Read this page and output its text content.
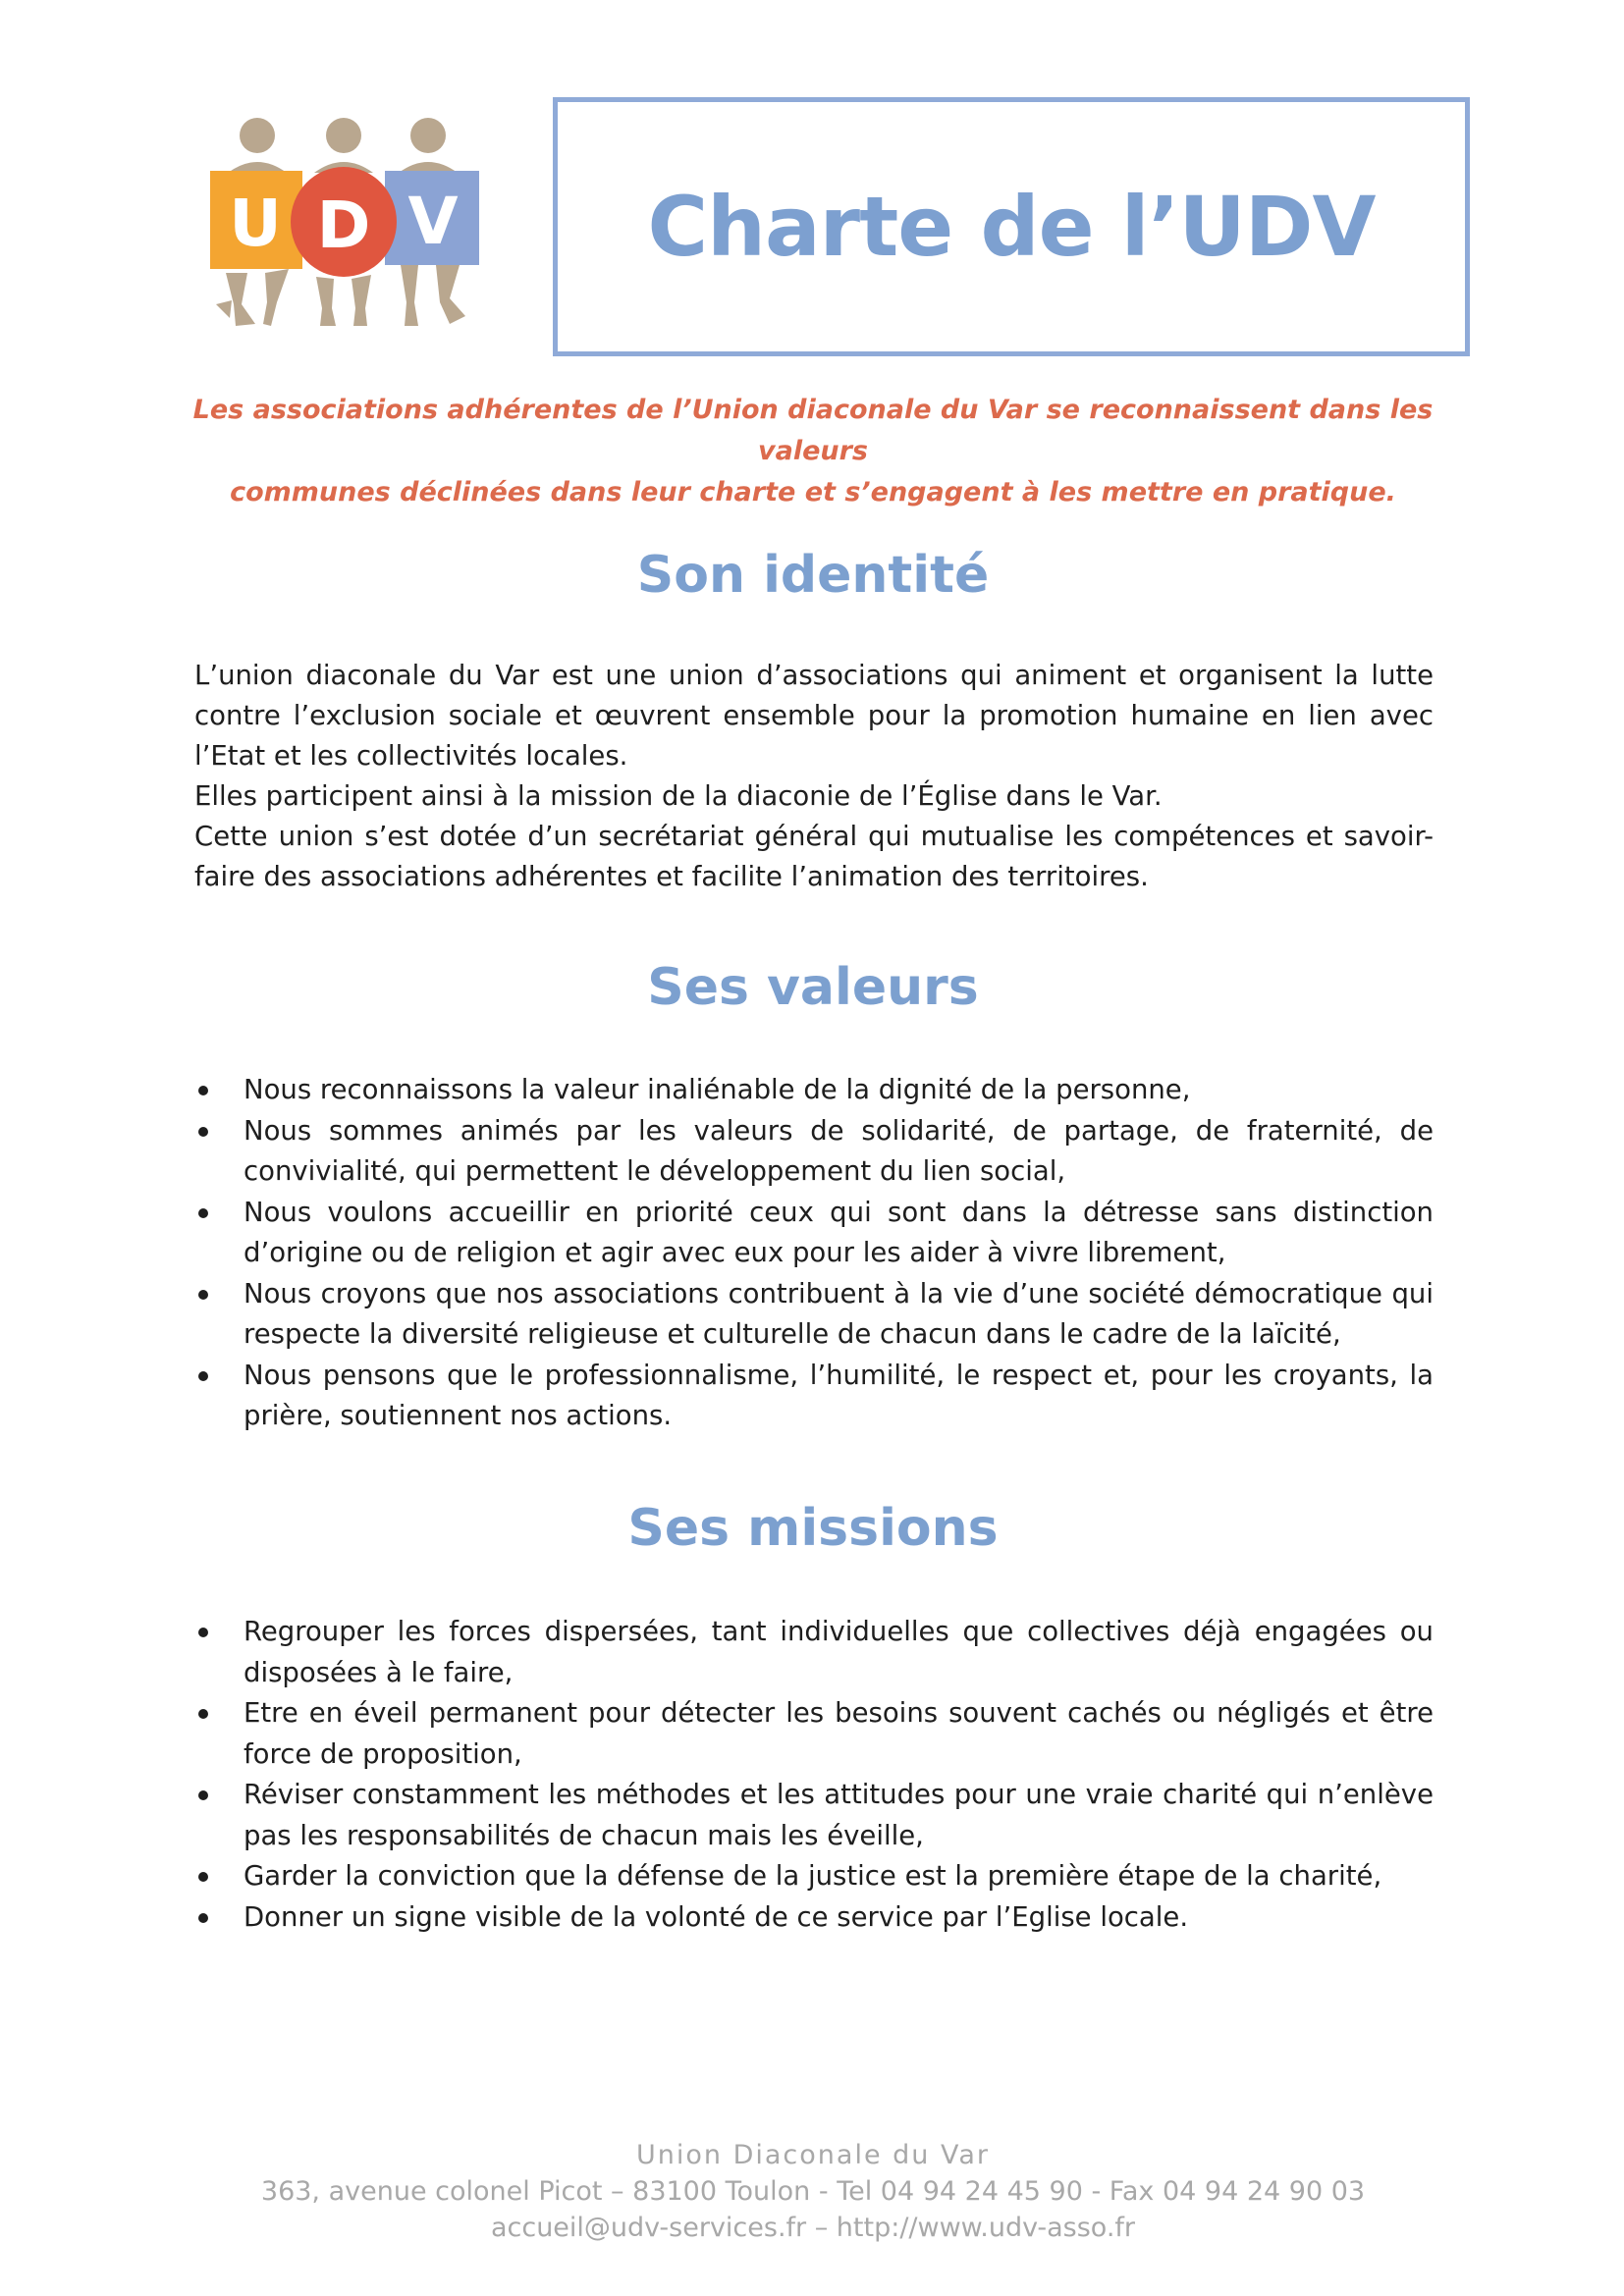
U D V Charte de l’UDV
Les associations adhérentes de l’Union diaconale du Var se reconnaissent dans les valeurs
communes déclinées dans leur charte et s’engagent à les mettre en pratique.
Son identité

L’union diaconale du Var est une union d’associations qui animent et organisent la lutte contre l’exclusion sociale et œuvrent ensemble pour la promotion humaine en lien avec l’Etat et les collectivités locales.

Elles participent ainsi à la mission de la diaconie de l’Église dans le Var.

Cette union s’est dotée d’un secrétariat général qui mutualise les compétences et savoir-faire des associations adhérentes et facilite l’animation des territoires.

Ses valeurs
Nous reconnaissons la valeur inaliénable de la dignité de la personne,
Nous sommes animés par les valeurs de solidarité, de partage, de fraternité, de convivialité, qui permettent le développement du lien social,
Nous voulons accueillir en priorité ceux qui sont dans la détresse sans distinction d’origine ou de religion et agir avec eux pour les aider à vivre librement,
Nous croyons que nos associations contribuent à la vie d’une société démocratique qui respecte la diversité religieuse et culturelle de chacun dans le cadre de la laïcité,
Nous pensons que le professionnalisme, l’humilité, le respect et, pour les croyants, la prière, soutiennent nos actions.
Ses missions
Regrouper les forces dispersées, tant individuelles que collectives déjà engagées ou disposées à le faire,
Etre en éveil permanent pour détecter les besoins souvent cachés ou négligés et être force de proposition,
Réviser constamment les méthodes et les attitudes pour une vraie charité qui n’enlève pas les responsabilités de chacun mais les éveille,
Garder la conviction que la défense de la justice est la première étape de la charité,
Donner un signe visible de la volonté de ce service par l’Eglise locale.
Union Diaconale du Var
363, avenue colonel Picot – 83100 Toulon - Tel 04 94 24 45 90 - Fax 04 94 24 90 03
accueil@udv-services.fr – http://www.udv-asso.fr
